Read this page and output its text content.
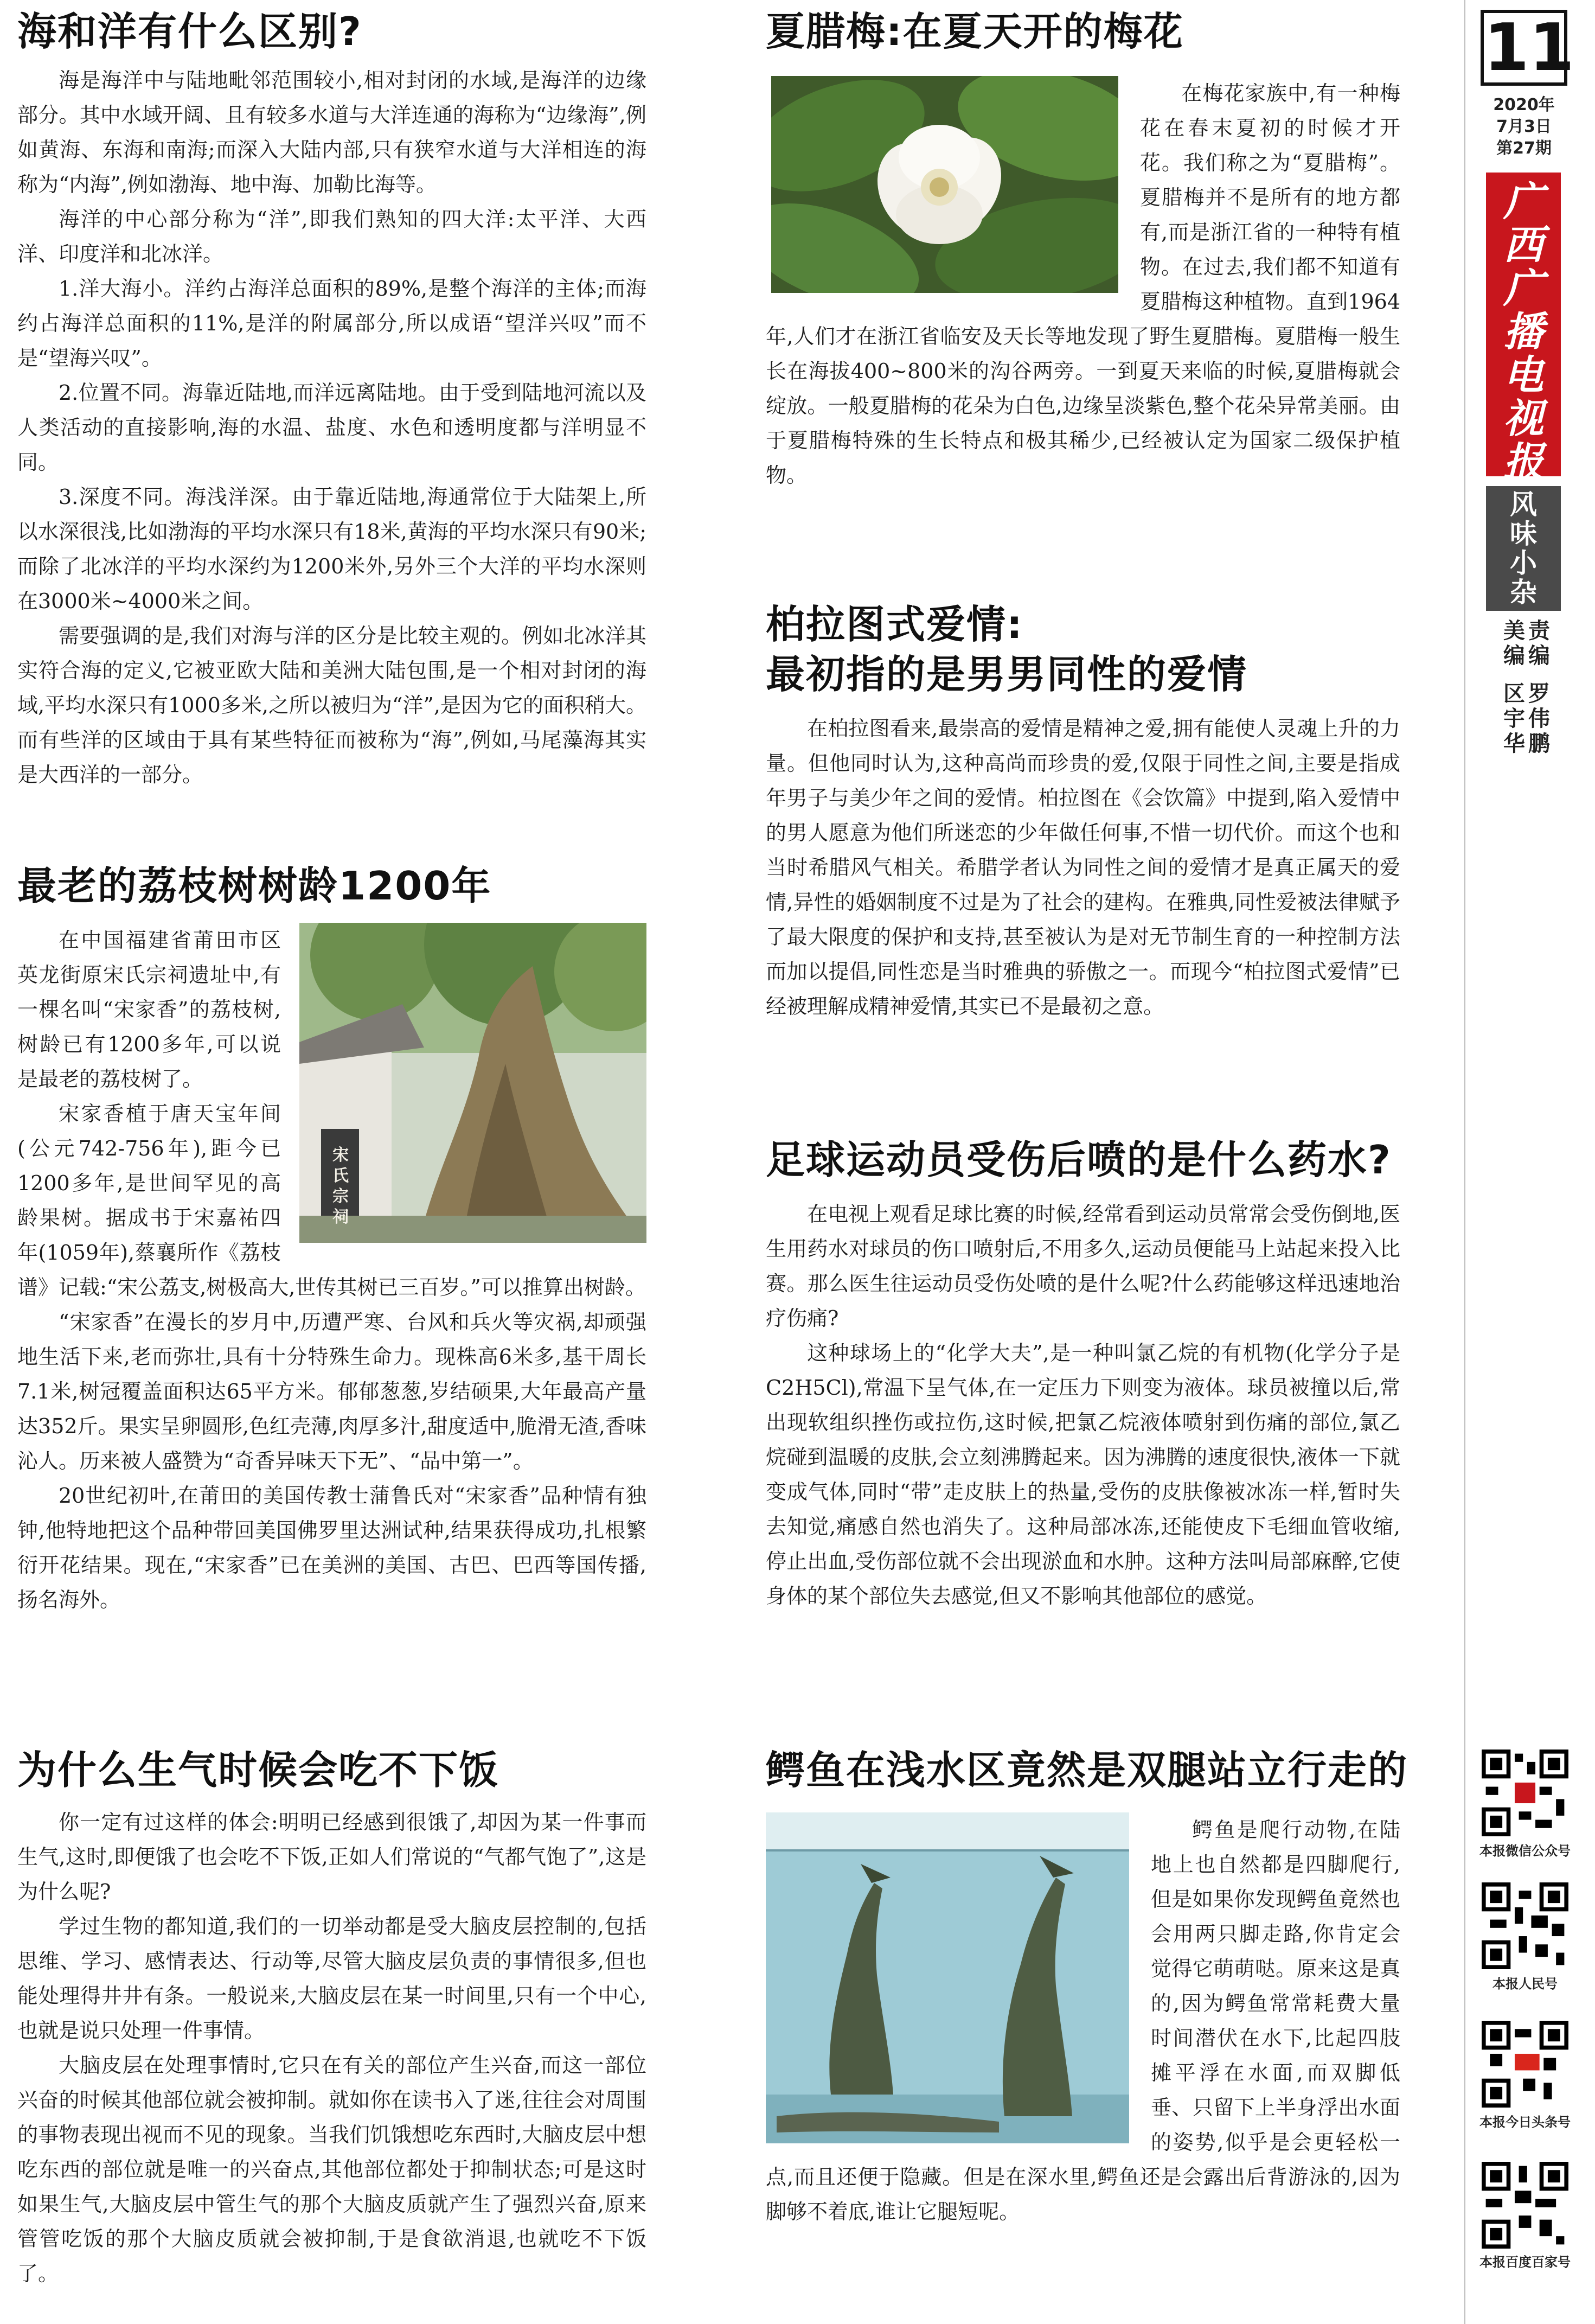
海和洋有什么区别?

海是海洋中与陆地毗邻范围较小,相对封闭的水域,是海洋的边缘部分。其中水域开阔、且有较多水道与大洋连通的海称为“边缘海”,例如黄海、东海和南海;而深入大陆内部,只有狭窄水道与大洋相连的海称为“内海”,例如渤海、地中海、加勒比海等。

海洋的中心部分称为“洋”,即我们熟知的四大洋:太平洋、大西洋、印度洋和北冰洋。

1.洋大海小。洋约占海洋总面积的89%,是整个海洋的主体;而海约占海洋总面积的11%,是洋的附属部分,所以成语“望洋兴叹”而不是“望海兴叹”。

2.位置不同。海靠近陆地,而洋远离陆地。由于受到陆地河流以及人类活动的直接影响,海的水温、盐度、水色和透明度都与洋明显不同。

3.深度不同。海浅洋深。由于靠近陆地,海通常位于大陆架上,所以水深很浅,比如渤海的平均水深只有18米,黄海的平均水深只有90米;而除了北冰洋的平均水深约为1200米外,另外三个大洋的平均水深则在3000米~4000米之间。

需要强调的是,我们对海与洋的区分是比较主观的。例如北冰洋其实符合海的定义,它被亚欧大陆和美洲大陆包围,是一个相对封闭的海域,平均水深只有1000多米,之所以被归为“洋”,是因为它的面积稍大。而有些洋的区域由于具有某些特征而被称为“海”,例如,马尾藻海其实是大西洋的一部分。

最老的荔枝树树龄1200年
宋氏宗祠

在中国福建省莆田市区英龙街原宋氏宗祠遗址中,有一棵名叫“宋家香”的荔枝树,树龄已有1200多年,可以说是最老的荔枝树了。

宋家香植于唐天宝年间(公元742-756年),距今已1200多年,是世间罕见的高龄果树。据成书于宋嘉祐四年(1059年),蔡襄所作《荔枝谱》记载:“宋公荔支,树极高大,世传其树已三百岁。”可以推算出树龄。

“宋家香”在漫长的岁月中,历遭严寒、台风和兵火等灾祸,却顽强地生活下来,老而弥壮,具有十分特殊生命力。现株高6米多,基干周长7.1米,树冠覆盖面积达65平方米。郁郁葱葱,岁结硕果,大年最高产量达352斤。果实呈卵圆形,色红壳薄,肉厚多汁,甜度适中,脆滑无渣,香味沁人。历来被人盛赞为“奇香异味天下无”、“品中第一”。

20世纪初叶,在莆田的美国传教士蒲鲁氏对“宋家香”品种情有独钟,他特地把这个品种带回美国佛罗里达洲试种,结果获得成功,扎根繁衍开花结果。现在,“宋家香”已在美洲的美国、古巴、巴西等国传播,扬名海外。

为什么生气时候会吃不下饭

你一定有过这样的体会:明明已经感到很饿了,却因为某一件事而生气,这时,即便饿了也会吃不下饭,正如人们常说的“气都气饱了”,这是为什么呢?

学过生物的都知道,我们的一切举动都是受大脑皮层控制的,包括思维、学习、感情表达、行动等,尽管大脑皮层负责的事情很多,但也能处理得井井有条。一般说来,大脑皮层在某一时间里,只有一个中心,也就是说只处理一件事情。

大脑皮层在处理事情时,它只在有关的部位产生兴奋,而这一部位兴奋的时候其他部位就会被抑制。就如你在读书入了迷,往往会对周围的事物表现出视而不见的现象。当我们饥饿想吃东西时,大脑皮层中想吃东西的部位就是唯一的兴奋点,其他部位都处于抑制状态;可是这时如果生气,大脑皮层中管生气的那个大脑皮质就产生了强烈兴奋,原来管管吃饭的那个大脑皮质就会被抑制,于是食欲消退,也就吃不下饭了。

夏腊梅:在夏天开的梅花

在梅花家族中,有一种梅花在春末夏初的时候才开花。我们称之为“夏腊梅”。夏腊梅并不是所有的地方都有,而是浙江省的一种特有植物。在过去,我们都不知道有夏腊梅这种植物。直到1964年,人们才在浙江省临安及天长等地发现了野生夏腊梅。夏腊梅一般生长在海拔400~800米的沟谷两旁。一到夏天来临的时候,夏腊梅就会绽放。一般夏腊梅的花朵为白色,边缘呈淡紫色,整个花朵异常美丽。由于夏腊梅特殊的生长特点和极其稀少,已经被认定为国家二级保护植物。

柏拉图式爱情:
最初指的是男男同性的爱情

在柏拉图看来,最崇高的爱情是精神之爱,拥有能使人灵魂上升的力量。但他同时认为,这种高尚而珍贵的爱,仅限于同性之间,主要是指成年男子与美少年之间的爱情。柏拉图在《会饮篇》中提到,陷入爱情中的男人愿意为他们所迷恋的少年做任何事,不惜一切代价。而这个也和当时希腊风气相关。希腊学者认为同性之间的爱情才是真正属天的爱情,异性的婚姻制度不过是为了社会的建构。在雅典,同性爱被法律赋予了最大限度的保护和支持,甚至被认为是对无节制生育的一种控制方法而加以提倡,同性恋是当时雅典的骄傲之一。而现今“柏拉图式爱情”已经被理解成精神爱情,其实已不是最初之意。

足球运动员受伤后喷的是什么药水?

在电视上观看足球比赛的时候,经常看到运动员常常会受伤倒地,医生用药水对球员的伤口喷射后,不用多久,运动员便能马上站起来投入比赛。那么医生往运动员受伤处喷的是什么呢?什么药能够这样迅速地治疗伤痛?

这种球场上的“化学大夫”,是一种叫氯乙烷的有机物(化学分子是C2H5Cl),常温下呈气体,在一定压力下则变为液体。球员被撞以后,常出现软组织挫伤或拉伤,这时候,把氯乙烷液体喷射到伤痛的部位,氯乙烷碰到温暖的皮肤,会立刻沸腾起来。因为沸腾的速度很快,液体一下就变成气体,同时“带”走皮肤上的热量,受伤的皮肤像被冰冻一样,暂时失去知觉,痛感自然也消失了。这种局部冰冻,还能使皮下毛细血管收缩,停止出血,受伤部位就不会出现淤血和水肿。这种方法叫局部麻醉,它使身体的某个部位失去感觉,但又不影响其他部位的感觉。

鳄鱼在浅水区竟然是双腿站立行走的

鳄鱼是爬行动物,在陆地上也自然都是四脚爬行,但是如果你发现鳄鱼竟然也会用两只脚走路,你肯定会觉得它萌萌哒。原来这是真的,因为鳄鱼常常耗费大量时间潜伏在水下,比起四肢摊平浮在水面,而双脚低垂、只留下上半身浮出水面的姿势,似乎是会更轻松一点,而且还便于隐藏。但是在深水里,鳄鱼还是会露出后背游泳的,因为脚够不着底,谁让它腿短呢。

11
2020年
7月3日
第27期
广
西
广
播
电
视
报
风
味
小
杂
美
编
区
宇
华
责
编
罗
伟
鹏
本报微信公众号
本报人民号
本报今日头条号
本报百度百家号
